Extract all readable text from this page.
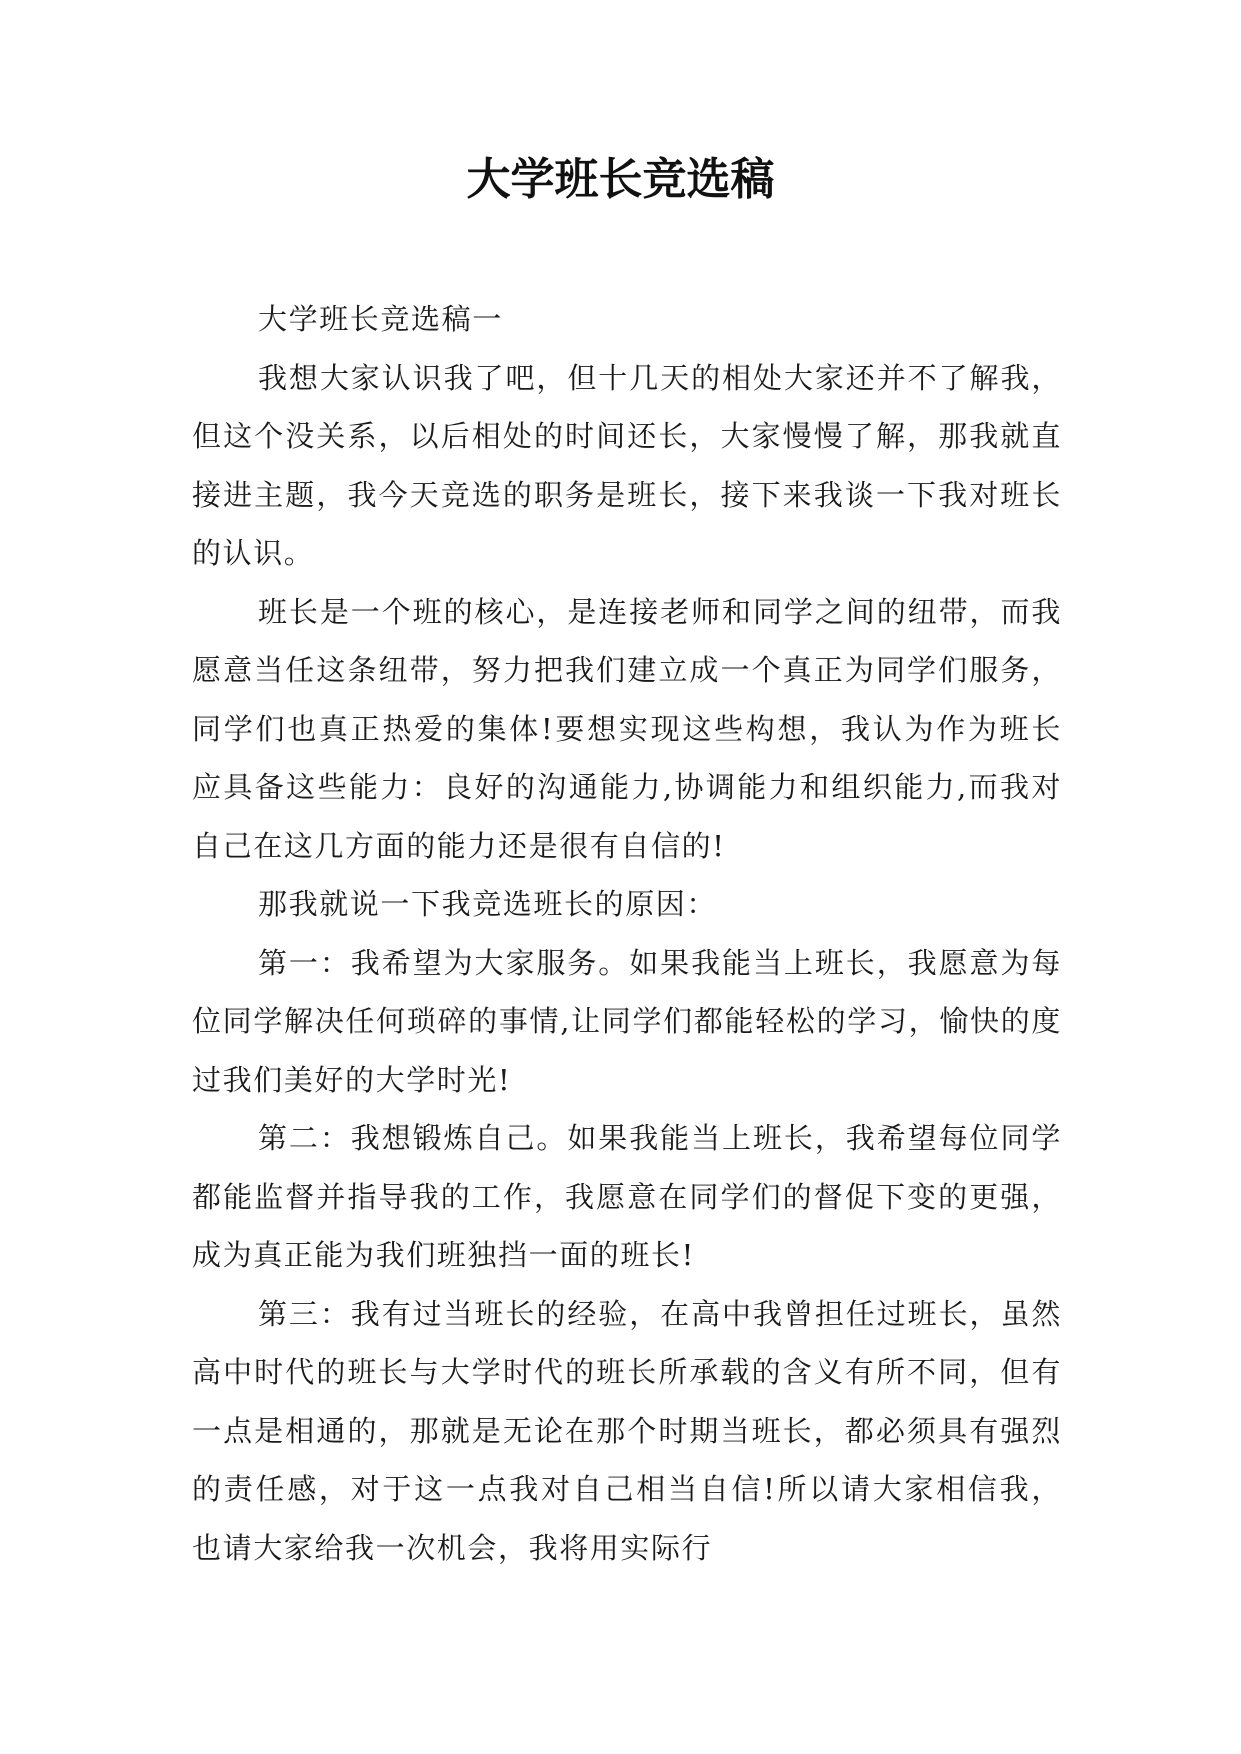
大学班长竞选稿

大学班长竞选稿一

我想大家认识我了吧，但十几天的相处大家还并不了解我，但这个没关系，以后相处的时间还长，大家慢慢了解，那我就直接进主题，我今天竞选的职务是班长，接下来我谈一下我对班长的认识。

班长是一个班的核心，是连接老师和同学之间的纽带，而我愿意当任这条纽带，努力把我们建立成一个真正为同学们服务，同学们也真正热爱的集体!要想实现这些构想，我认为作为班长应具备这些能力：良好的沟通能力,协调能力和组织能力,而我对自己在这几方面的能力还是很有自信的!

那我就说一下我竞选班长的原因：

第一：我希望为大家服务。如果我能当上班长，我愿意为每位同学解决任何琐碎的事情,让同学们都能轻松的学习，愉快的度过我们美好的大学时光!

第二：我想锻炼自己。如果我能当上班长，我希望每位同学都能监督并指导我的工作，我愿意在同学们的督促下变的更强，成为真正能为我们班独挡一面的班长!

第三：我有过当班长的经验，在高中我曾担任过班长，虽然高中时代的班长与大学时代的班长所承载的含义有所不同，但有一点是相通的，那就是无论在那个时期当班长，都必须具有强烈的责任感，对于这一点我对自己相当自信!所以请大家相信我，也请大家给我一次机会，我将用实际行
